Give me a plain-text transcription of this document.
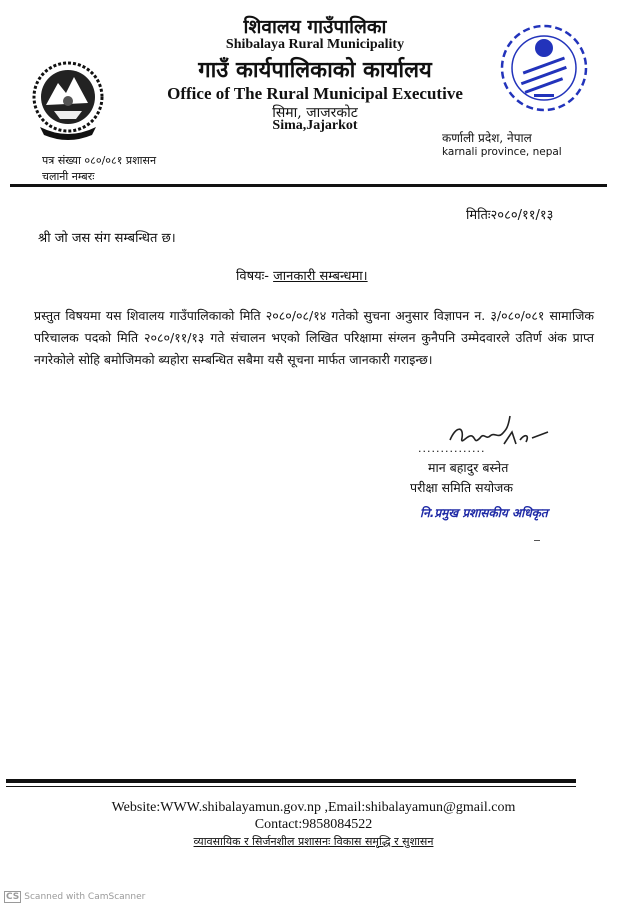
शिवालय गाउँपालिका
Shibalaya Rural Municipality
गाउँ कार्यपालिकाको कार्यालय
Office of The Rural Municipal Executive
सिमा, जाजरकोट
Sima,Jajarkot
कर्णाली प्रदेश, नेपाल
karnali province, nepal
पत्र संख्या ०८०/०८१ प्रशासन
चलानी नम्बरः
मितिः२०८०/११/१३
श्री जो जस संग सम्बन्धित छ।
विषयः- जानकारी सम्बन्धमा।
प्रस्तुत विषयमा यस शिवालय गाउँपालिकाको मिति २०८०/०८/१४ गतेको सुचना अनुसार विज्ञापन न. ३/०८०/०८१ सामाजिक परिचालक पदको मिति २०८०/११/१३ गते संचालन भएको लिखित परिक्षामा संग्लन कुनैपनि उम्मेदवारले उतिर्ण अंक प्राप्त नगरेकोले सोहि बमोजिमको ब्यहोरा सम्बन्धित सबैमा यसै सूचना मार्फत जानकारी गराइन्छ।
...............
मान बहादुर बस्नेत
परीक्षा समिति सयोजक
नि.प्रमुख प्रशासकीय अधिकृत
Website:WWW.shibalayamun.gov.np ,Email:shibalayamun@gmail.com
Contact:9858084522
व्यावसायिक र सिर्जनशील प्रशासनः विकास समृद्धि र सुशासन
CS Scanned with CamScanner
